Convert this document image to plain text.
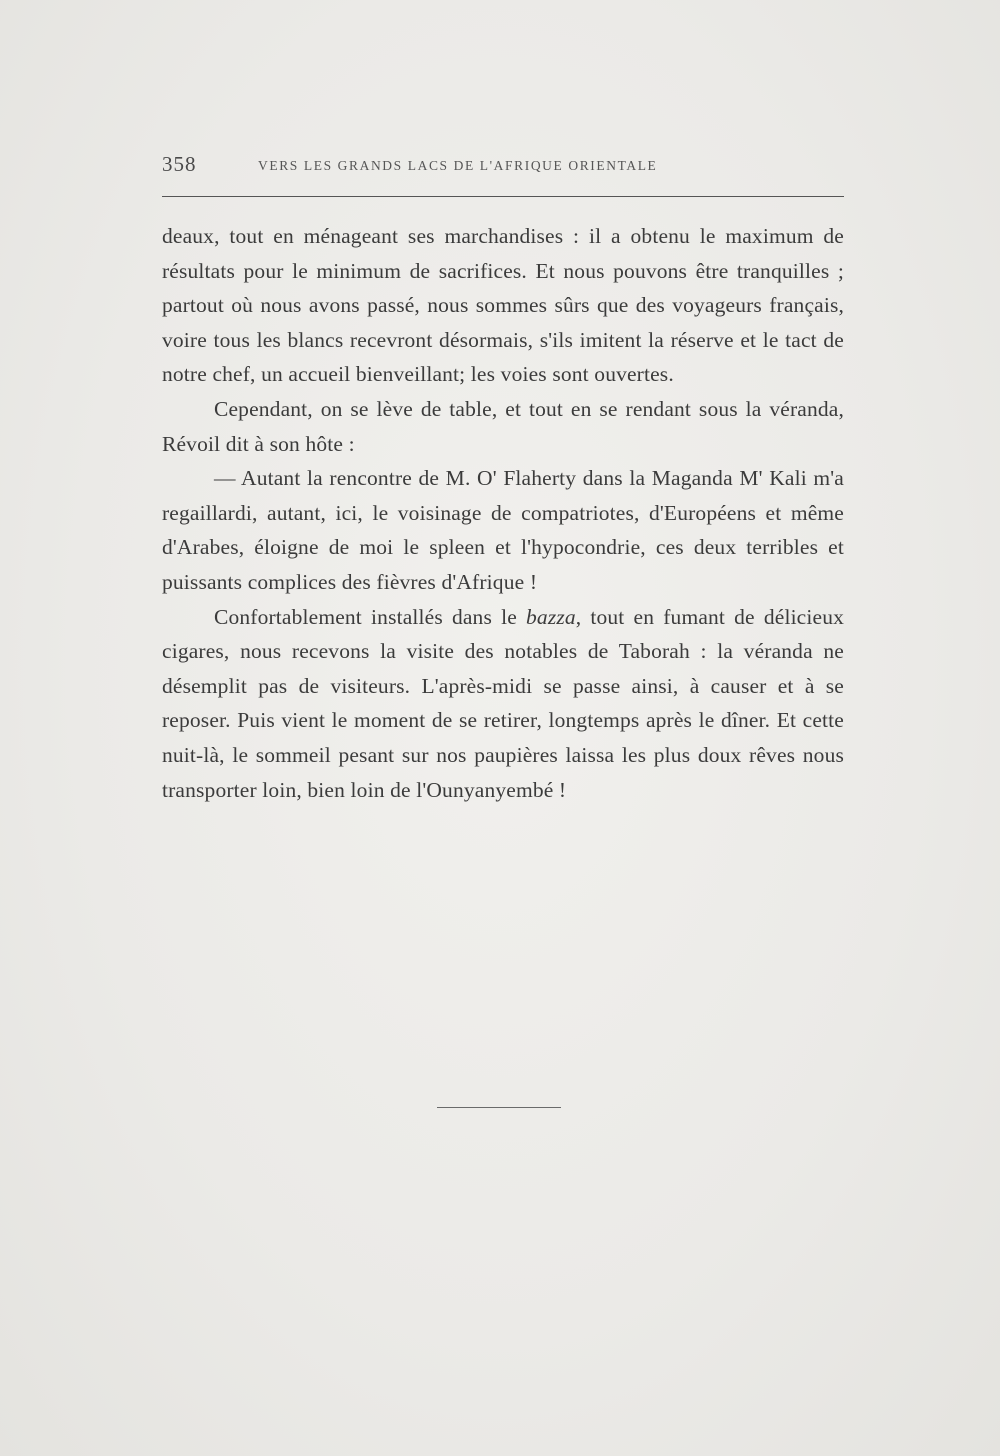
358	VERS LES GRANDS LACS DE L'AFRIQUE ORIENTALE

deaux, tout en ménageant ses marchandises : il a obtenu le maximum de résultats pour le minimum de sacrifices. Et nous pouvons être tranquilles ; partout où nous avons passé, nous sommes sûrs que des voyageurs français, voire tous les blancs recevront désormais, s'ils imitent la réserve et le tact de notre chef, un accueil bienveillant; les voies sont ouvertes.

Cependant, on se lève de table, et tout en se rendant sous la véranda, Révoil dit à son hôte :

— Autant la rencontre de M. O' Flaherty dans la Maganda M' Kali m'a regaillardi, autant, ici, le voisinage de compatriotes, d'Européens et même d'Arabes, éloigne de moi le spleen et l'hypocondrie, ces deux terribles et puissants complices des fièvres d'Afrique !

Confortablement installés dans le bazza, tout en fumant de délicieux cigares, nous recevons la visite des notables de Taborah : la véranda ne désemplit pas de visiteurs. L'après-midi se passe ainsi, à causer et à se reposer. Puis vient le moment de se retirer, longtemps après le dîner. Et cette nuit-là, le sommeil pesant sur nos paupières laissa les plus doux rêves nous transporter loin, bien loin de l'Ounyanyembé !
